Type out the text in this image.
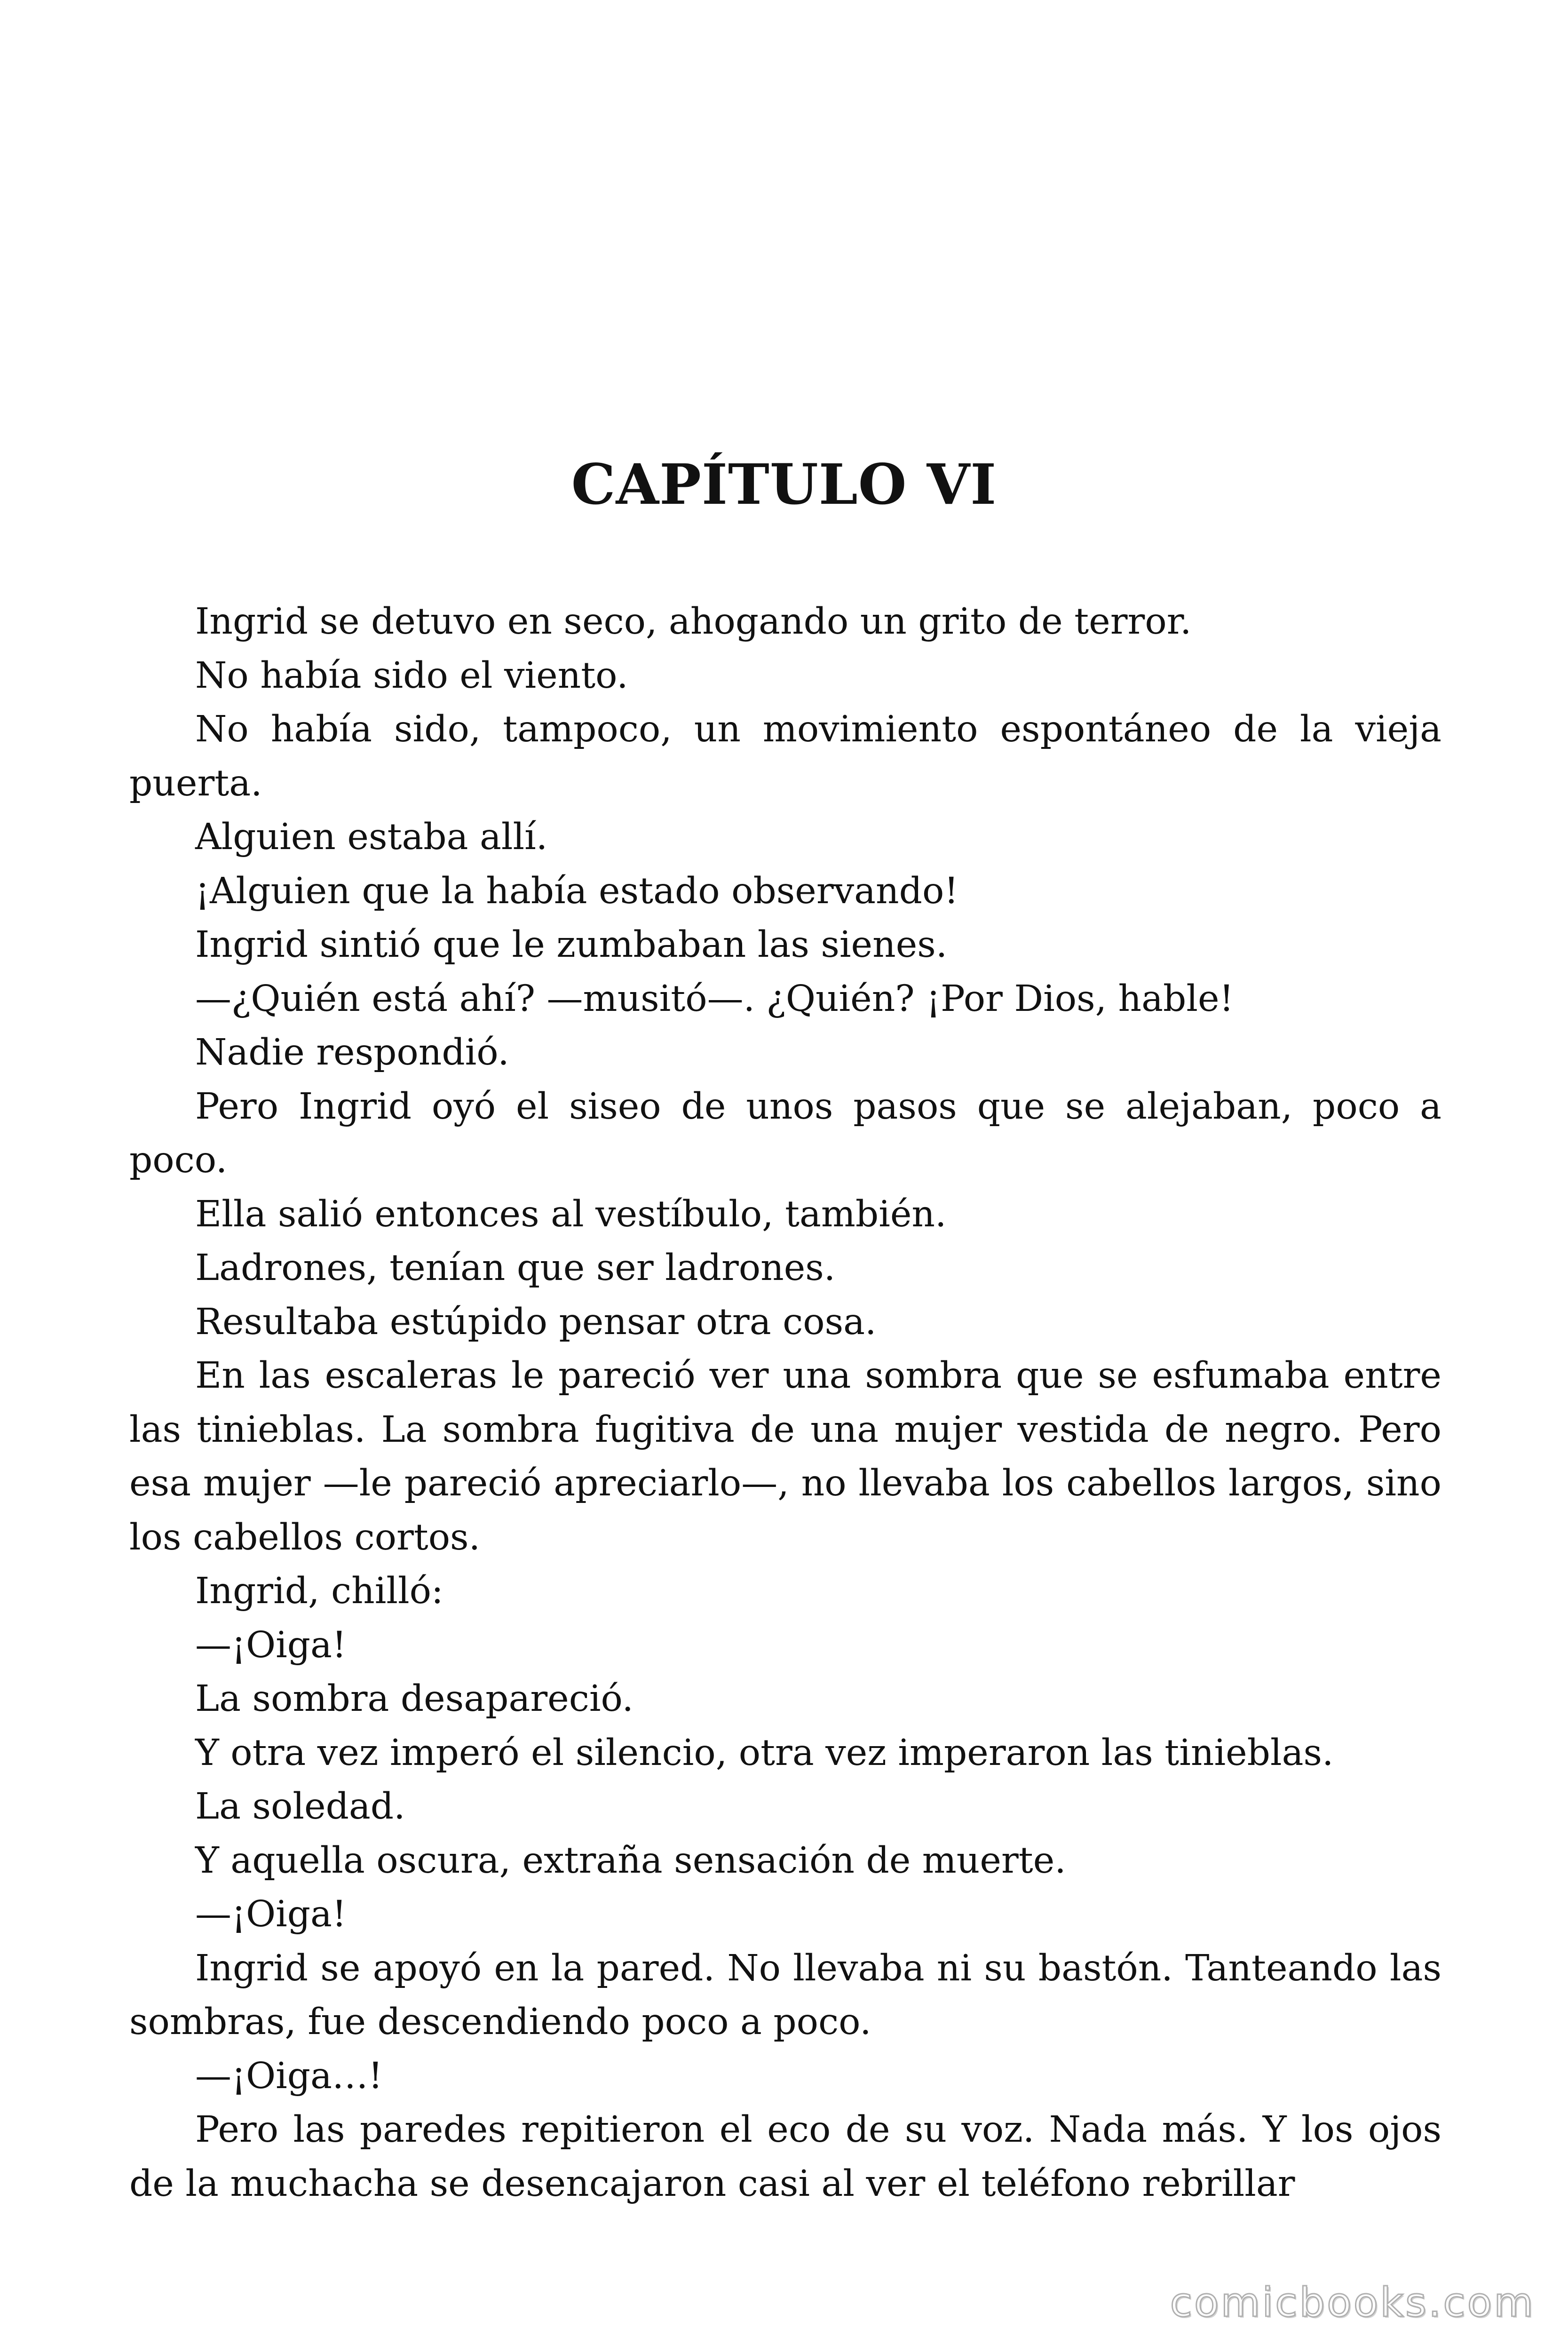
CAPÍTULO VI

Ingrid se detuvo en seco, ahogando un grito de terror.

No había sido el viento.

No había sido, tampoco, un movimiento espontáneo de la vieja puerta.

Alguien estaba allí.

¡Alguien que la había estado observando!

Ingrid sintió que le zumbaban las sienes.

—¿Quién está ahí? —musitó—. ¿Quién? ¡Por Dios, hable!

Nadie respondió.

Pero Ingrid oyó el siseo de unos pasos que se alejaban, poco a poco.

Ella salió entonces al vestíbulo, también.

Ladrones, tenían que ser ladrones.

Resultaba estúpido pensar otra cosa.

En las escaleras le pareció ver una sombra que se esfumaba entre las tinieblas. La sombra fugitiva de una mujer vestida de negro. Pero esa mujer —le pareció apreciarlo—, no llevaba los cabellos largos, sino los cabellos cortos.

Ingrid, chilló:

—¡Oiga!

La sombra desapareció.

Y otra vez imperó el silencio, otra vez imperaron las tinieblas.

La soledad.

Y aquella oscura, extraña sensación de muerte.

—¡Oiga!

Ingrid se apoyó en la pared. No llevaba ni su bastón. Tanteando las sombras, fue descendiendo poco a poco.

—¡Oiga…!

Pero las paredes repitieron el eco de su voz. Nada más. Y los ojos de la muchacha se desencajaron casi al ver el teléfono rebrillar

comicbooks.com
